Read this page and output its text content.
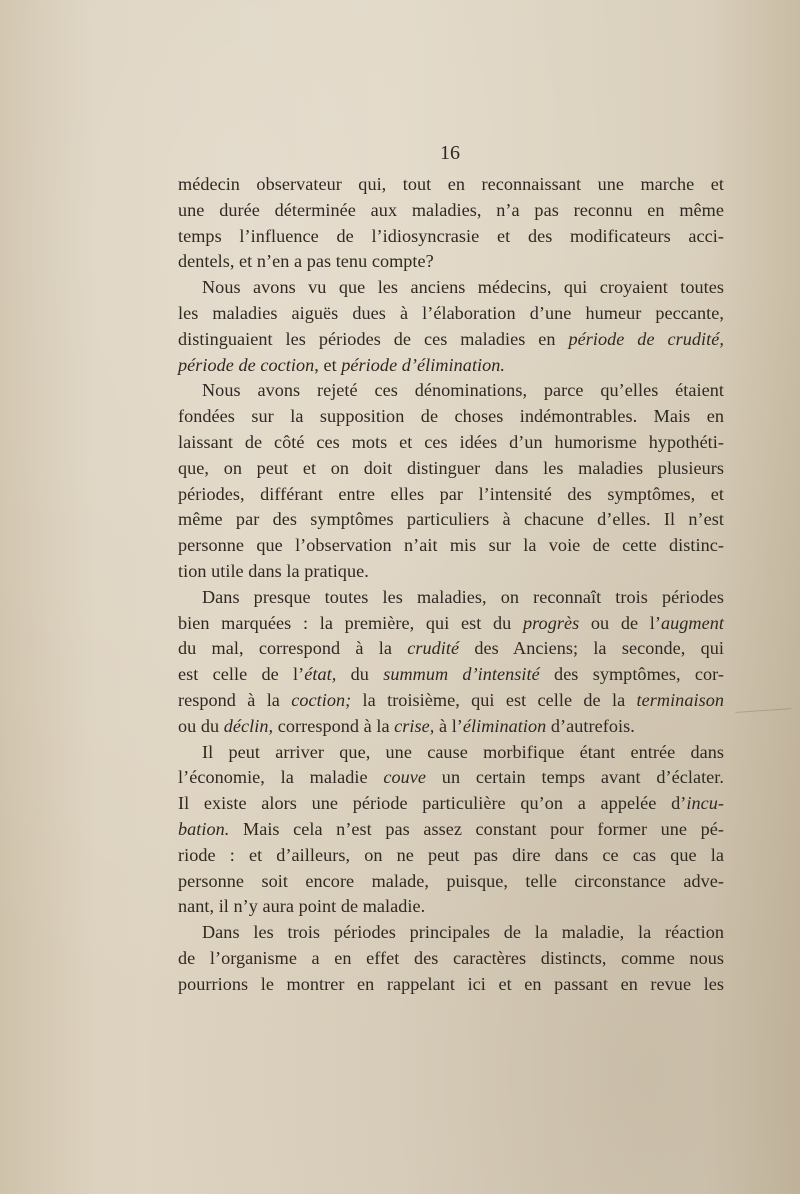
16
médecin observateur qui, tout en reconnaissant une marche et
une durée déterminée aux maladies, n’a pas reconnu en même
temps l’influence de l’idiosyncrasie et des modificateurs acci-
dentels, et n’en a pas tenu compte?
Nous avons vu que les anciens médecins, qui croyaient toutes
les maladies aiguës dues à l’élaboration d’une humeur peccante,
distinguaient les périodes de ces maladies en période de crudité,
période de coction, et période d’élimination.
Nous avons rejeté ces dénominations, parce qu’elles étaient
fondées sur la supposition de choses indémontrables. Mais en
laissant de côté ces mots et ces idées d’un humorisme hypothéti-
que, on peut et on doit distinguer dans les maladies plusieurs
périodes, différant entre elles par l’intensité des symptômes, et
même par des symptômes particuliers à chacune d’elles. Il n’est
personne que l’observation n’ait mis sur la voie de cette distinc-
tion utile dans la pratique.
Dans presque toutes les maladies, on reconnaît trois périodes
bien marquées : la première, qui est du progrès ou de l’augment
du mal, correspond à la crudité des Anciens; la seconde, qui
est celle de l’état, du summum d’intensité des symptômes, cor-
respond à la coction; la troisième, qui est celle de la terminaison
ou du déclin, correspond à la crise, à l’élimination d’autrefois.
Il peut arriver que, une cause morbifique étant entrée dans
l’économie, la maladie couve un certain temps avant d’éclater.
Il existe alors une période particulière qu’on a appelée d’incu-
bation. Mais cela n’est pas assez constant pour former une pé-
riode : et d’ailleurs, on ne peut pas dire dans ce cas que la
personne soit encore malade, puisque, telle circonstance adve-
nant, il n’y aura point de maladie.
Dans les trois périodes principales de la maladie, la réaction
de l’organisme a en effet des caractères distincts, comme nous
pourrions le montrer en rappelant ici et en passant en revue les
